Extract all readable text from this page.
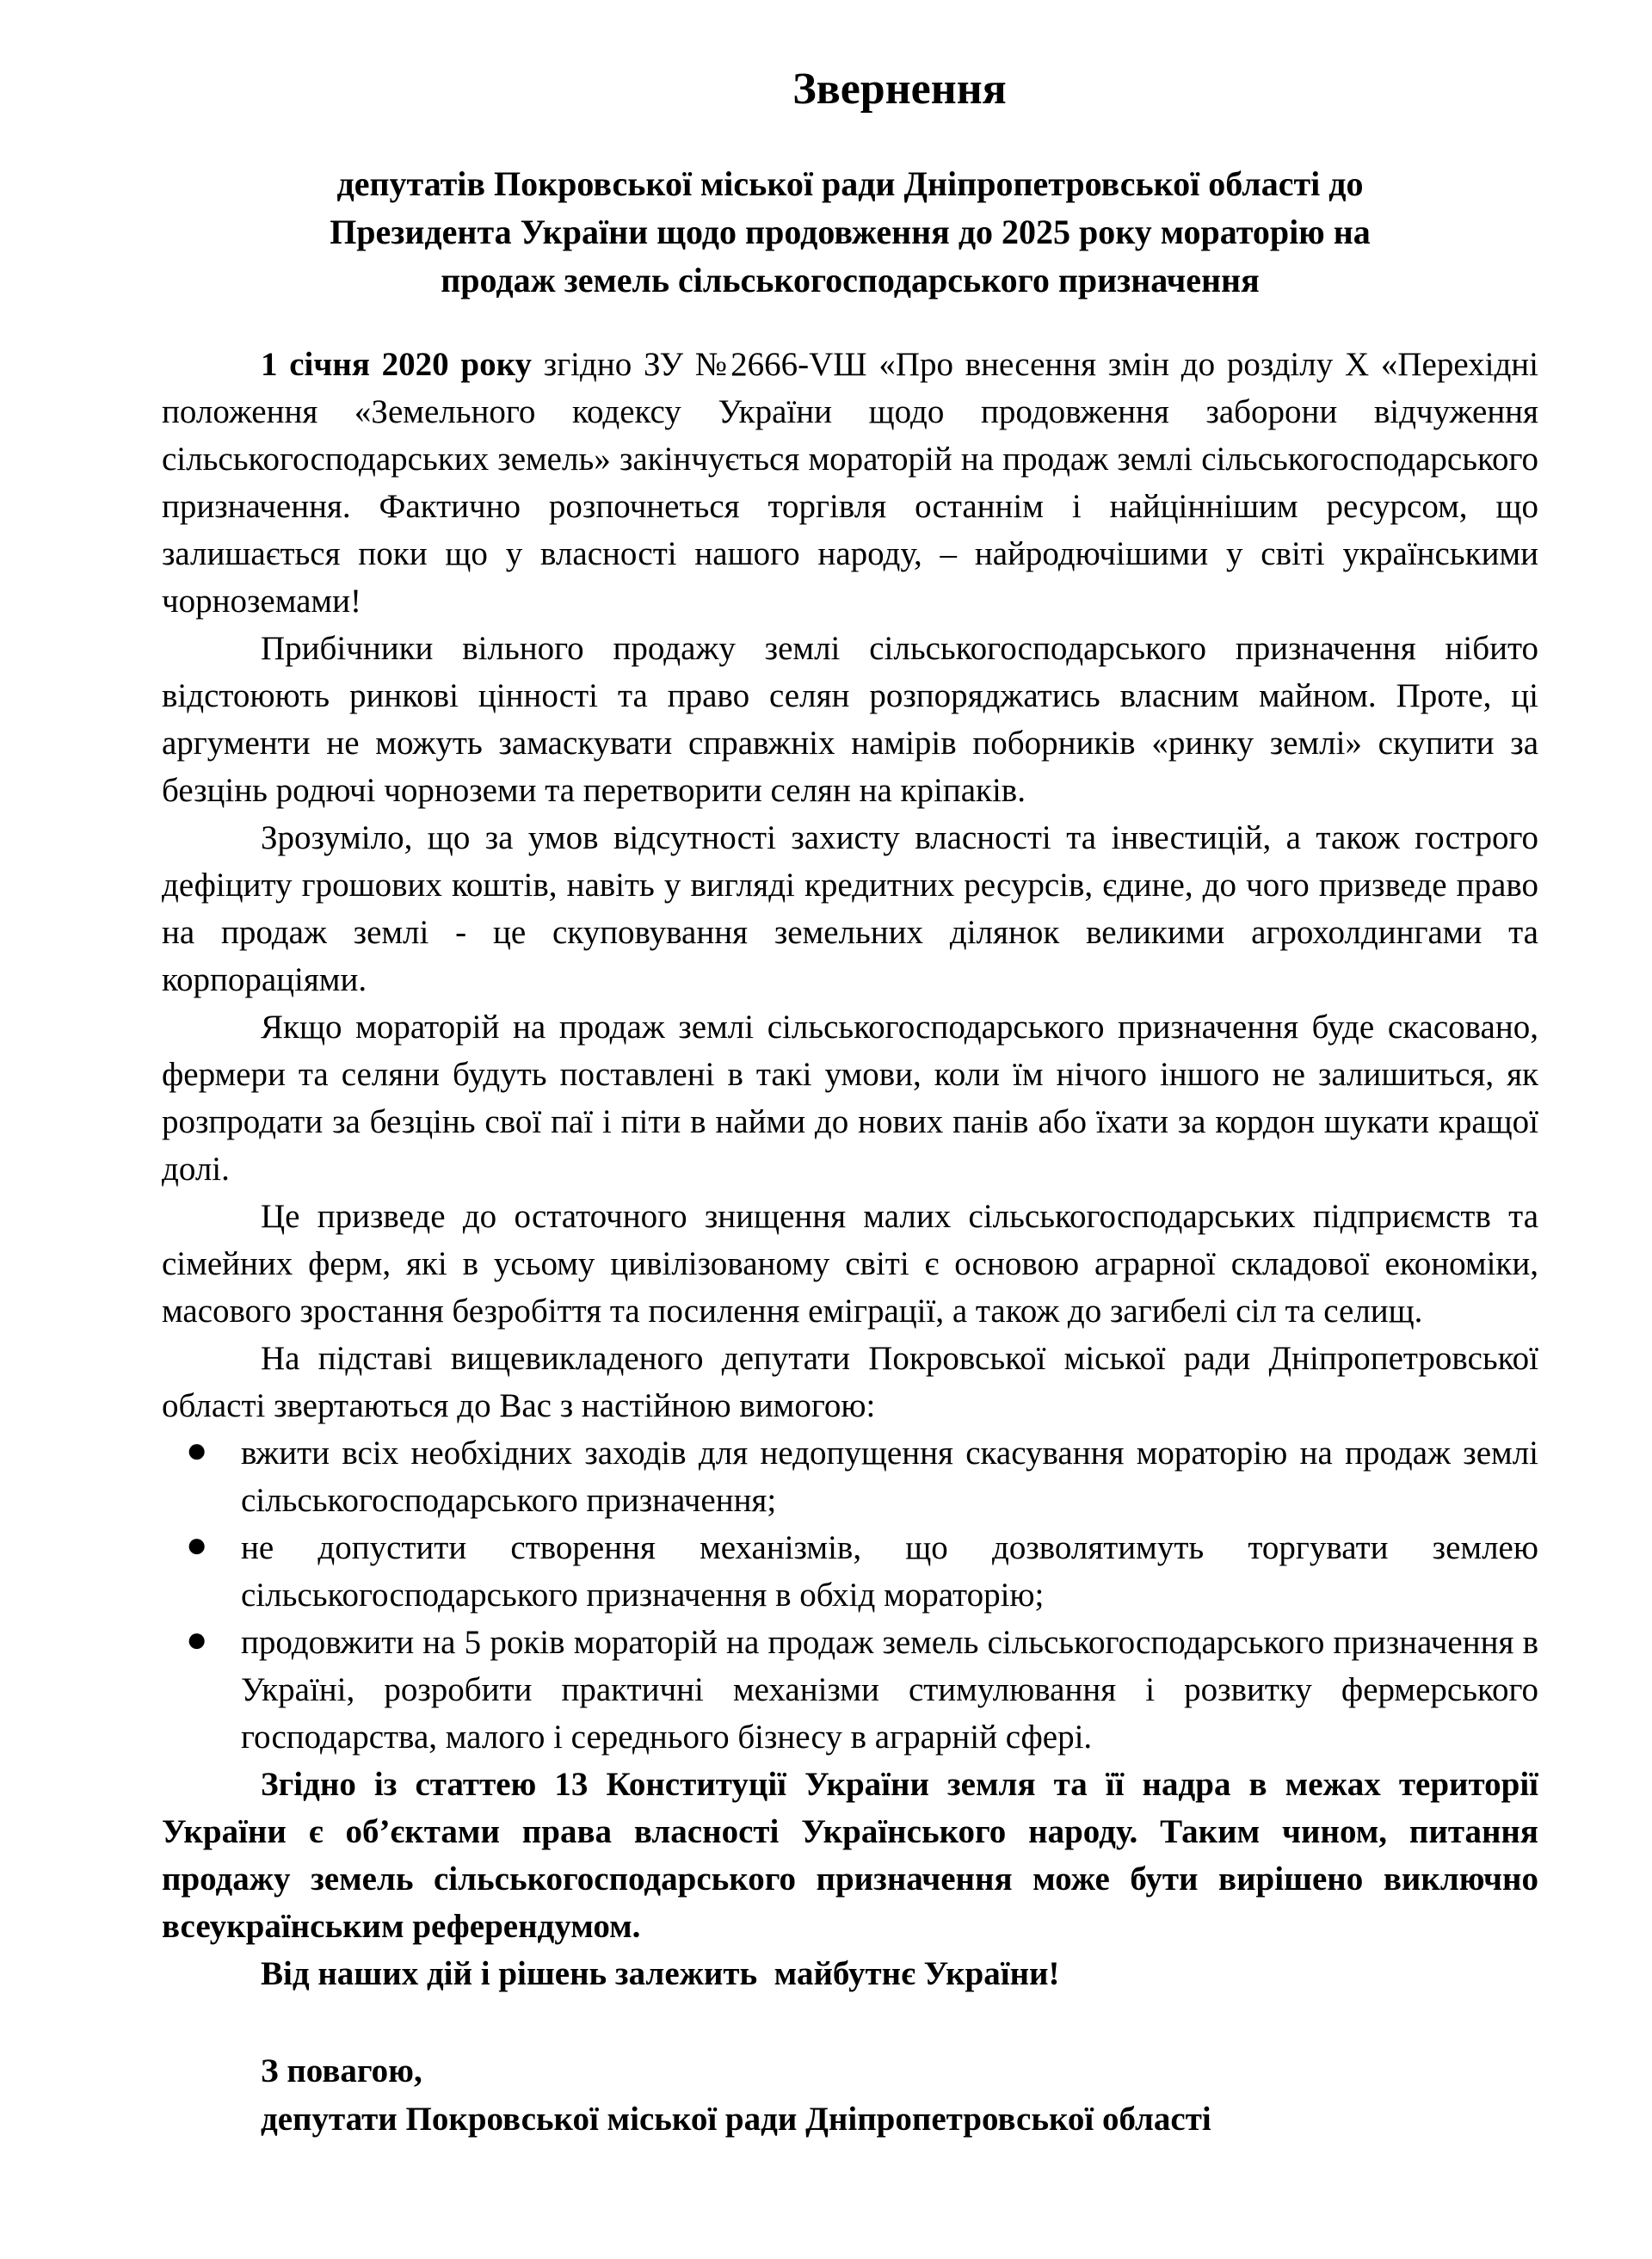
Звернення
депутатів Покровської міської ради Дніпропетровської області до
Президента України щодо продовження до 2025 року мораторію на
продаж земель сільськогосподарського призначення

1 січня 2020 року згідно ЗУ №2666-VШ «Про внесення змін до розділу Х «Перехідні положення «Земельного кодексу України щодо продовження заборони відчуження сільськогосподарських земель» закінчується мораторій на продаж землі сільськогосподарського призначення. Фактично розпочнеться торгівля останнім і найціннішим ресурсом, що залишається поки що у власності нашого народу, – найродючішими у світі українськими чорноземами!

Прибічники вільного продажу землі сільськогосподарського призначення нібито відстоюють ринкові цінності та право селян розпоряджатись власним майном. Проте, ці аргументи не можуть замаскувати справжніх намірів поборників «ринку землі» скупити за безцінь родючі чорноземи та перетворити селян на кріпаків.

Зрозуміло, що за умов відсутності захисту власності та інвестицій, а також гострого дефіциту грошових коштів, навіть у вигляді кредитних ресурсів, єдине, до чого призведе право на продаж землі - це скуповування земельних ділянок великими агрохолдингами та корпораціями.

Якщо мораторій на продаж землі сільськогосподарського призначення буде скасовано, фермери та селяни будуть поставлені в такі умови, коли їм нічого іншого не залишиться, як розпродати за безцінь свої паї і піти в найми до нових панів або їхати за кордон шукати кращої долі.

Це призведе до остаточного знищення малих сільськогосподарських підприємств та сімейних ферм, які в усьому цивілізованому світі є основою аграрної складової економіки, масового зростання безробіття та посилення еміграції, а також до загибелі сіл та селищ.

На підставі вищевикладеного депутати Покровської міської ради Дніпропетровської області звертаються до Вас з настійною вимогою:

● вжити всіх необхідних заходів для недопущення скасування мораторію на продаж землі сільськогосподарського призначення;
● не допустити створення механізмів, що дозволятимуть торгувати землею сільськогосподарського призначення в обхід мораторію;
● продовжити на 5 років мораторій на продаж земель сільськогосподарського призначення в Україні, розробити практичні механізми стимулювання і розвитку фермерського господарства, малого і середнього бізнесу в аграрній сфері.

Згідно із статтею 13 Конституції України земля та її надра в межах території України є об’єктами права власності Українського народу. Таким чином, питання продажу земель сільськогосподарського призначення може бути вирішено виключно всеукраїнським референдумом.

Від наших дій і рішень залежить  майбутнє України!

З повагою,
депутати Покровської міської ради Дніпропетровської області
